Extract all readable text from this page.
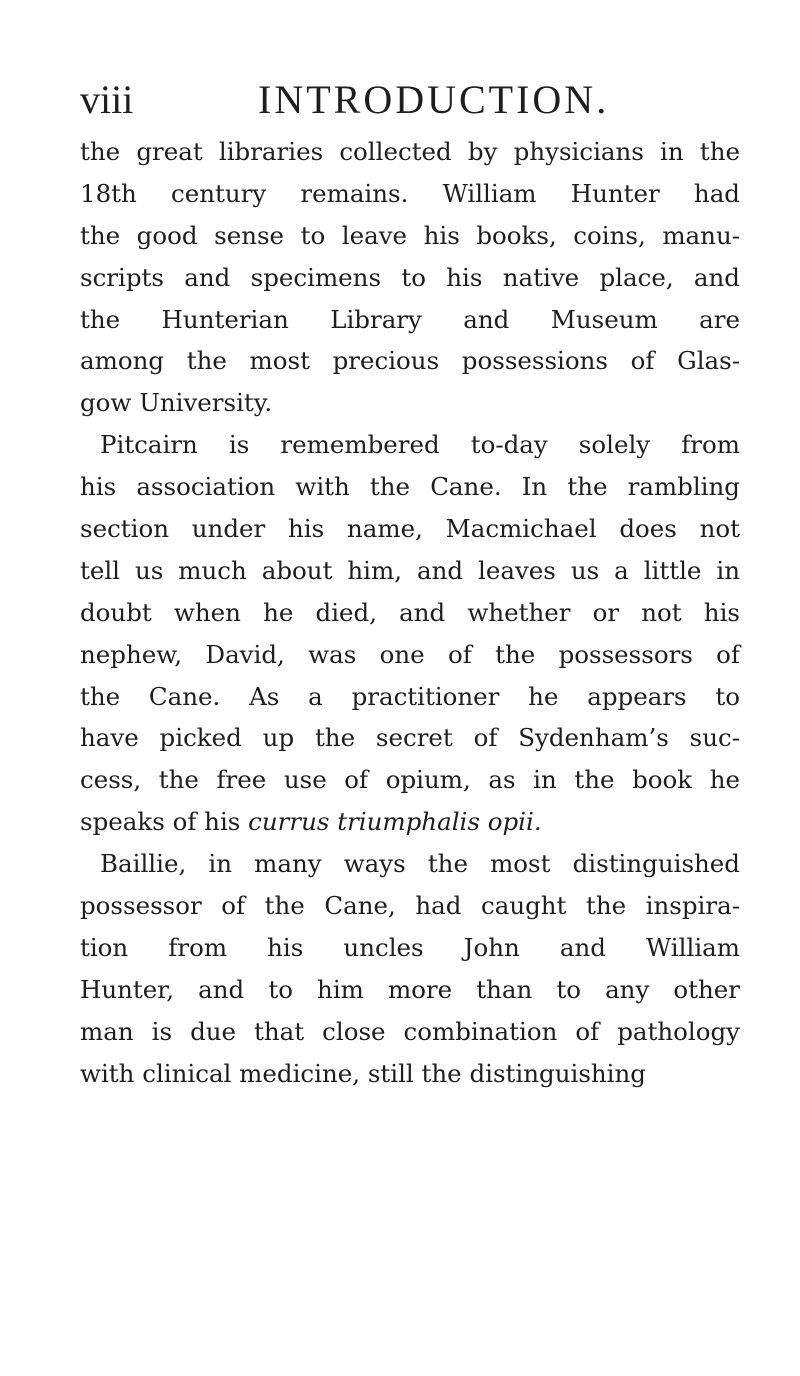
viii	INTRODUCTION.
the great libraries collected by physicians in the
18th century remains. William Hunter had
the good sense to leave his books, coins, manu-
scripts and specimens to his native place, and
the Hunterian Library and Museum are
among the most precious possessions of Glas-
gow University.
Pitcairn is remembered to-day solely from
his association with the Cane. In the rambling
section under his name, Macmichael does not
tell us much about him, and leaves us a little in
doubt when he died, and whether or not his
nephew, David, was one of the possessors of
the Cane. As a practitioner he appears to
have picked up the secret of Sydenham’s suc-
cess, the free use of opium, as in the book he
speaks of his currus triumphalis opii.
Baillie, in many ways the most distinguished
possessor of the Cane, had caught the inspira-
tion from his uncles John and William
Hunter, and to him more than to any other
man is due that close combination of pathology
with clinical medicine, still the distinguishing
